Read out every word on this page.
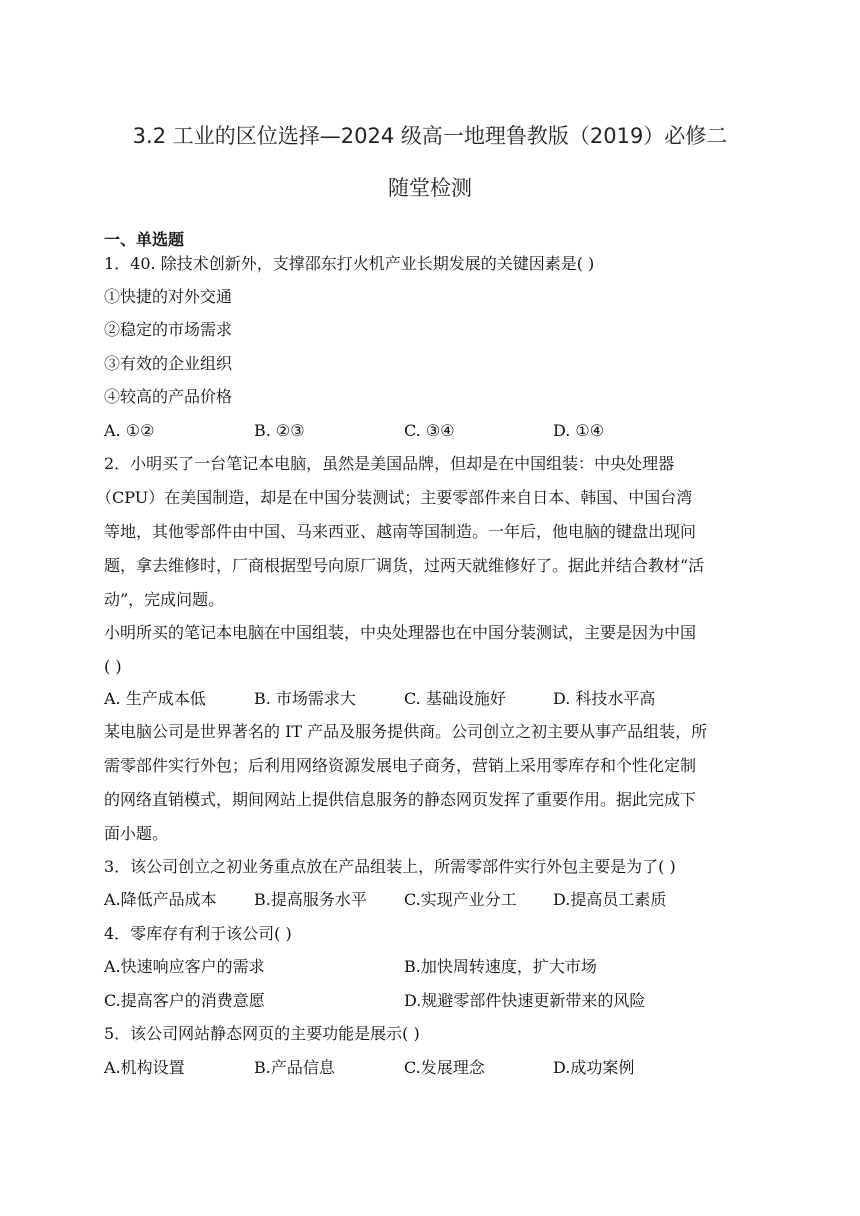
3.2 工业的区位选择—2024 级高一地理鲁教版（2019）必修二
随堂检测
一、单选题
1．40. 除技术创新外，支撑邵东打火机产业长期发展的关键因素是( )
①快捷的对外交通
②稳定的市场需求
③有效的企业组织
④较高的产品价格
A. ①②	B. ②③	C. ③④	D. ①④
2．小明买了一台笔记本电脑，虽然是美国品牌，但却是在中国组装：中央处理器
（CPU）在美国制造，却是在中国分装测试；主要零部件来自日本、韩国、中国台湾
等地，其他零部件由中国、马来西亚、越南等国制造。一年后，他电脑的键盘出现问
题，拿去维修时，厂商根据型号向原厂调货，过两天就维修好了。据此并结合教材“活
动”，完成问题。
小明所买的笔记本电脑在中国组装，中央处理器也在中国分装测试，主要是因为中国
( )
A. 生产成本低	B. 市场需求大	C. 基础设施好	D. 科技水平高
某电脑公司是世界著名的 IT 产品及服务提供商。公司创立之初主要从事产品组装，所
需零部件实行外包；后利用网络资源发展电子商务，营销上采用零库存和个性化定制
的网络直销模式，期间网站上提供信息服务的静态网页发挥了重要作用。据此完成下
面小题。
3．该公司创立之初业务重点放在产品组装上，所需零部件实行外包主要是为了( )
A.降低产品成本 B.提高服务水平 C.实现产业分工 D.提高员工素质
4．零库存有利于该公司( )
A.快速响应客户的需求	B.加快周转速度，扩大市场
C.提高客户的消费意愿	D.规避零部件快速更新带来的风险
5．该公司网站静态网页的主要功能是展示( )
A.机构设置	B.产品信息	C.发展理念	D.成功案例
